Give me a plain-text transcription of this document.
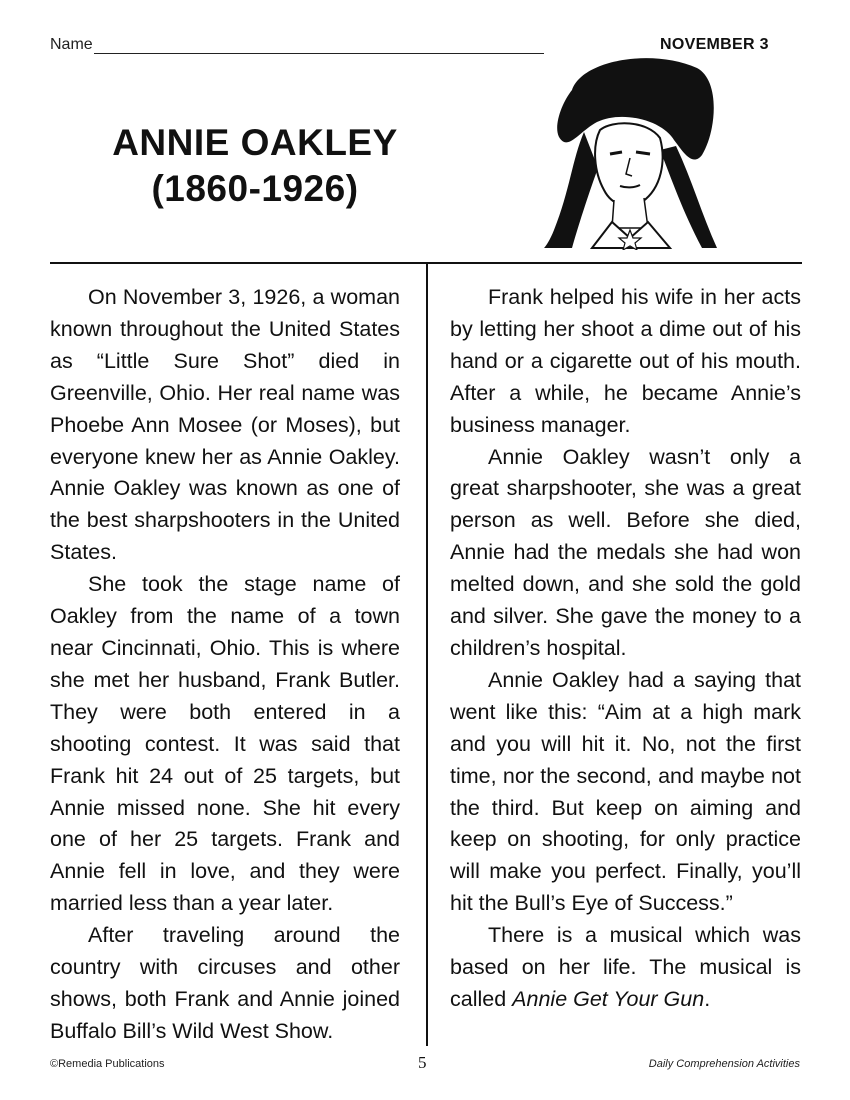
Name	NOVEMBER 3
ANNIE OAKLEY
(1860-1926)

On November 3, 1926, a woman known throughout the United States as “Little Sure Shot” died in Greenville, Ohio. Her real name was Phoebe Ann Mosee (or Moses), but everyone knew her as Annie Oakley. Annie Oakley was known as one of the best sharpshooters in the United States.

She took the stage name of Oakley from the name of a town near Cincinnati, Ohio. This is where she met her husband, Frank Butler. They were both entered in a shooting contest. It was said that Frank hit 24 out of 25 targets, but Annie missed none. She hit every one of her 25 targets. Frank and Annie fell in love, and they were married less than a year later.

After traveling around the country with circuses and other shows, both Frank and Annie joined Buffalo Bill’s Wild West Show.

Frank helped his wife in her acts by letting her shoot a dime out of his hand or a cigarette out of his mouth. After a while, he became Annie’s business manager.

Annie Oakley wasn’t only a great sharpshooter, she was a great person as well. Before she died, Annie had the medals she had won melted down, and she sold the gold and silver. She gave the money to a children’s hospital.

Annie Oakley had a saying that went like this: “Aim at a high mark and you will hit it. No, not the first time, nor the second, and maybe not the third. But keep on aiming and keep on shooting, for only practice will make you perfect. Finally, you’ll hit the Bull’s Eye of Success.”

There is a musical which was based on her life. The musical is called Annie Get Your Gun.

©Remedia Publications	5	Daily Comprehension Activities
